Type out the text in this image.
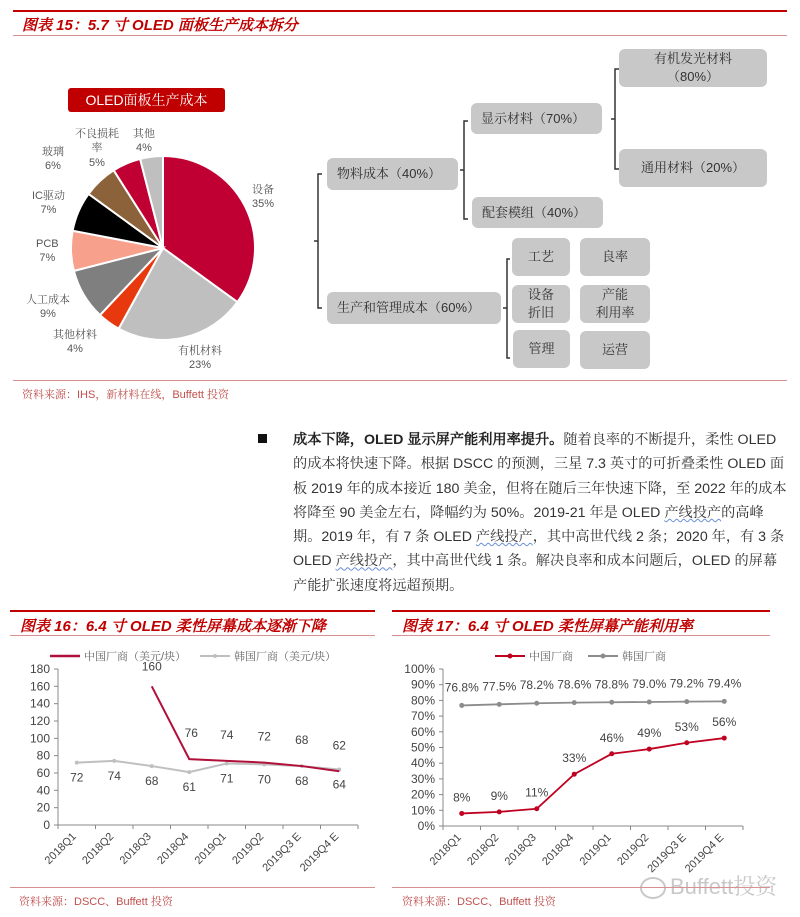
图表 15：5.7 寸 OLED 面板生产成本拆分
OLED面板生产成本
设备
35%
有机材料
23%
其他材料
4%
人工成本
9%
PCB
7%
IC驱动
7%
玻璃
6%
不良损耗率
5%
其他
4%
物料成本（40%）
显示材料（70%）
有机发光材料
（80%）
通用材料（20%）
配套模组（40%）
生产和管理成本（60%）
工艺	良率
设备
折旧
产能
利用率
管理	运营
资料来源：IHS，新材料在线，Buffett 投资
成本下降，OLED 显示屏产能利用率提升。随着良率的不断提升，柔性 OLED 的成本将快速下降。根据 DSCC 的预测，三星 7.3 英寸的可折叠柔性 OLED 面板 2019 年的成本接近 180 美金，但将在随后三年快速下降，至 2022 年的成本将降至 90 美金左右，降幅约为 50%。2019-21 年是 OLED 产线投产的高峰期。2019 年，有 7 条 OLED 产线投产，其中高世代线 2 条；2020 年，有 3 条 OLED 产线投产，其中高世代线 1 条。解决良率和成本问题后，OLED 的屏幕产能扩张速度将远超预期。
图表 16：6.4 寸 OLED 柔性屏幕成本逐渐下降
0
20
40
60
80
100
120
140
160
180
2018Q1 2018Q2 2018Q3 2018Q4 2019Q1 2019Q2
2019Q3 E
2019Q4 E
中国厂商（美元/块）	韩国厂商（美元/块）
72 74 68 61
71 70 68 64
160
76 74 72 68 62
资料来源：DSCC、Buffett 投资
图表 17：6.4 寸 OLED 柔性屏幕产能利用率
0%
10%
20%
30%
40%
50%
60%
70%
80%
90%
100%
2018Q1 2018Q2 2018Q3 2018Q4 2019Q1 2019Q2
2019Q3 E
2019Q4 E
中国厂商	韩国厂商
8% 9% 11%
33%
46% 49% 53% 56%
76.8% 77.5% 78.2% 78.6% 78.8% 79.0% 79.2% 79.4%
Buffett投资
资料来源：DSCC、Buffett 投资
